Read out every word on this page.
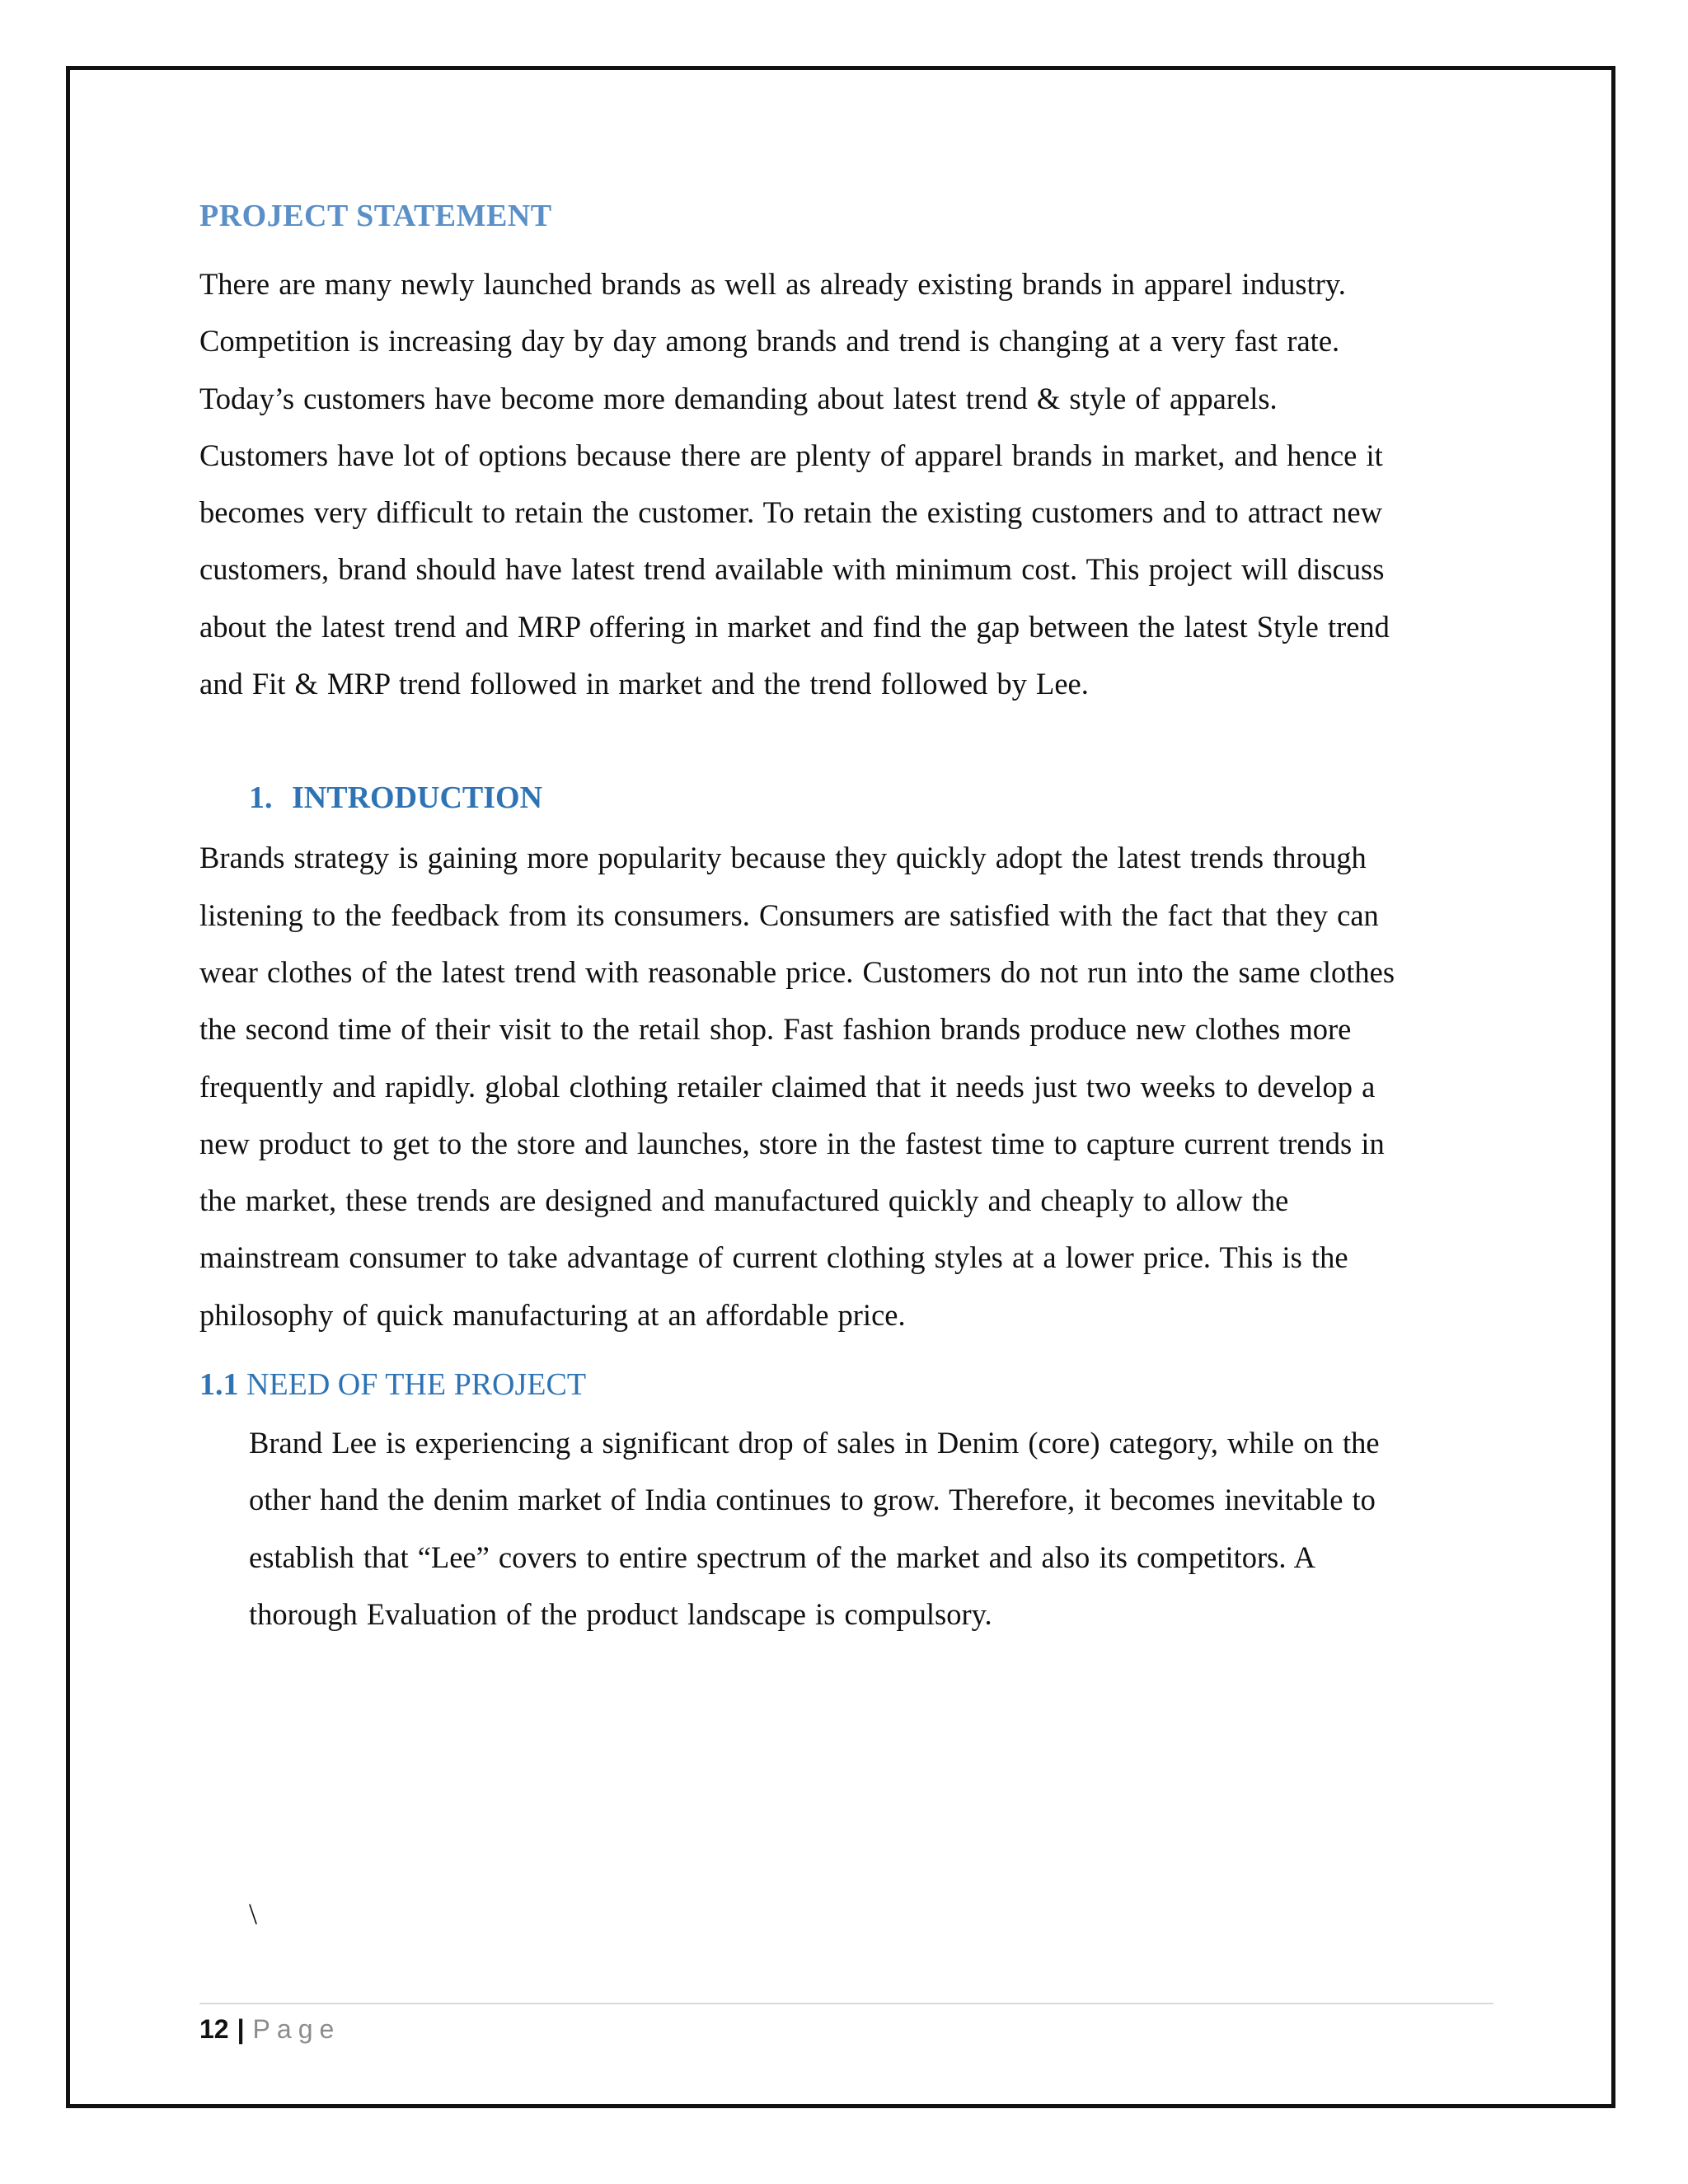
PROJECT STATEMENT

There are many newly launched brands as well as already existing brands in apparel industry.
Competition is increasing day by day among brands and trend is changing at a very fast rate.
Today’s customers have become more demanding about latest trend & style of apparels.
Customers have lot of options because there are plenty of apparel brands in market, and hence it
becomes very difficult to retain the customer. To retain the existing customers and to attract new
customers, brand should have latest trend available with minimum cost. This project will discuss
about the latest trend and MRP offering in market and find the gap between the latest Style trend
and Fit & MRP trend followed in market and the trend followed by Lee.

1. INTRODUCTION

Brands strategy is gaining more popularity because they quickly adopt the latest trends through
listening to the feedback from its consumers. Consumers are satisfied with the fact that they can
wear clothes of the latest trend with reasonable price. Customers do not run into the same clothes
the second time of their visit to the retail shop. Fast fashion brands produce new clothes more
frequently and rapidly. global clothing retailer claimed that it needs just two weeks to develop a
new product to get to the store and launches, store in the fastest time to capture current trends in
the market, these trends are designed and manufactured quickly and cheaply to allow the
mainstream consumer to take advantage of current clothing styles at a lower price. This is the
philosophy of quick manufacturing at an affordable price.

1.1 NEED OF THE PROJECT

Brand Lee is experiencing a significant drop of sales in Denim (core) category, while on the
other hand the denim market of India continues to grow. Therefore, it becomes inevitable to
establish that “Lee” covers to entire spectrum of the market and also its competitors. A
thorough Evaluation of the product landscape is compulsory.

\
12 | Page
